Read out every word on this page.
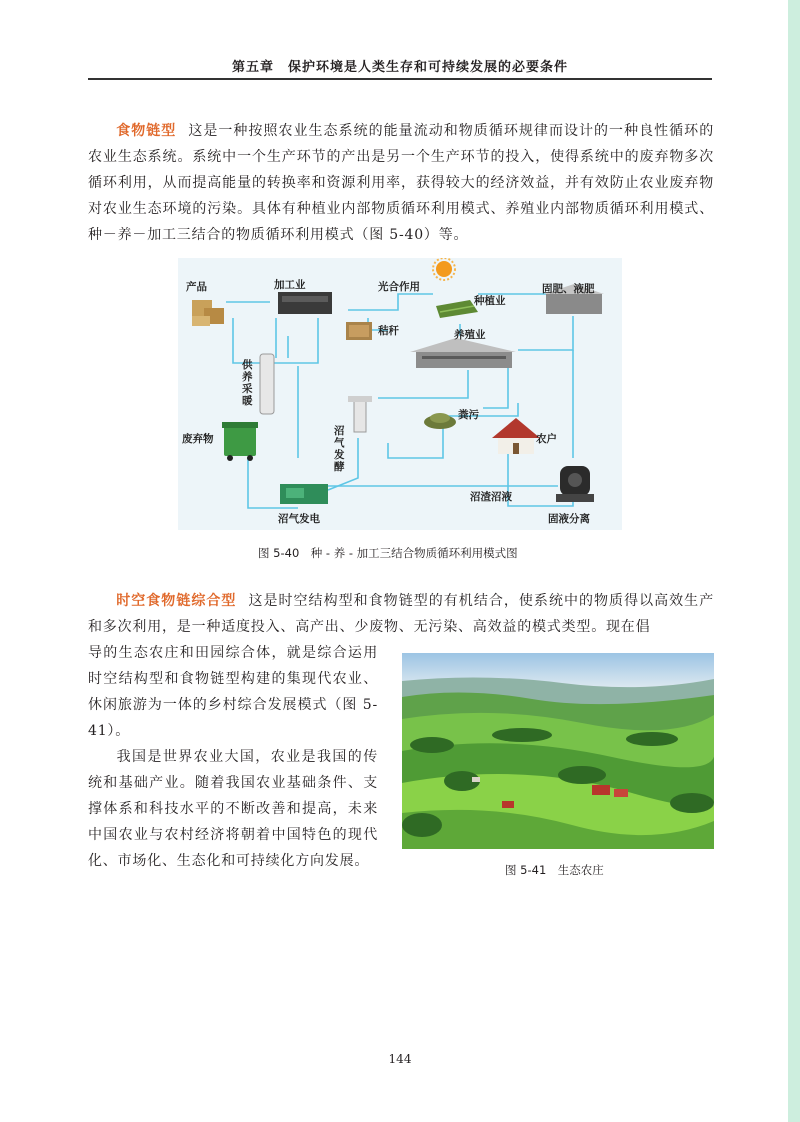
第五章　保护环境是人类生存和可持续发展的必要条件

食物链型 这是一种按照农业生态系统的能量流动和物质循环规律而设计的一种良性循环的农业生态系统。系统中一个生产环节的产出是另一个生产环节的投入，使得系统中的废弃物多次循环利用，从而提高能量的转换率和资源利用率，获得较大的经济效益，并有效防止农业废弃物对农业生态环境的污染。具体有种植业内部物质循环利用模式、养殖业内部物质循环利用模式、种－养－加工三结合的物质循环利用模式（图 5-40）等。

产品	加工业	光合作用
种植业
固肥、液肥
秸秆	养殖业
供
养
采
暖
废弃物
粪污
农户
沼
气
发
酵
沼渣沼液
沼气发电	固液分离
图 5-40　种 - 养 - 加工三结合物质循环利用模式图

时空食物链综合型 这是时空结构型和食物链型的有机结合，使系统中的物质得以高效生产和多次利用，是一种适度投入、高产出、少废物、无污染、高效益的模式类型。现在倡

导的生态农庄和田园综合体，就是综合运用时空结构型和食物链型构建的集现代农业、休闲旅游为一体的乡村综合发展模式（图 5-41）。

我国是世界农业大国，农业是我国的传统和基础产业。随着我国农业基础条件、支撑体系和科技水平的不断改善和提高，未来中国农业与农村经济将朝着中国特色的现代化、市场化、生态化和可持续化方向发展。

图 5-41　生态农庄
144
